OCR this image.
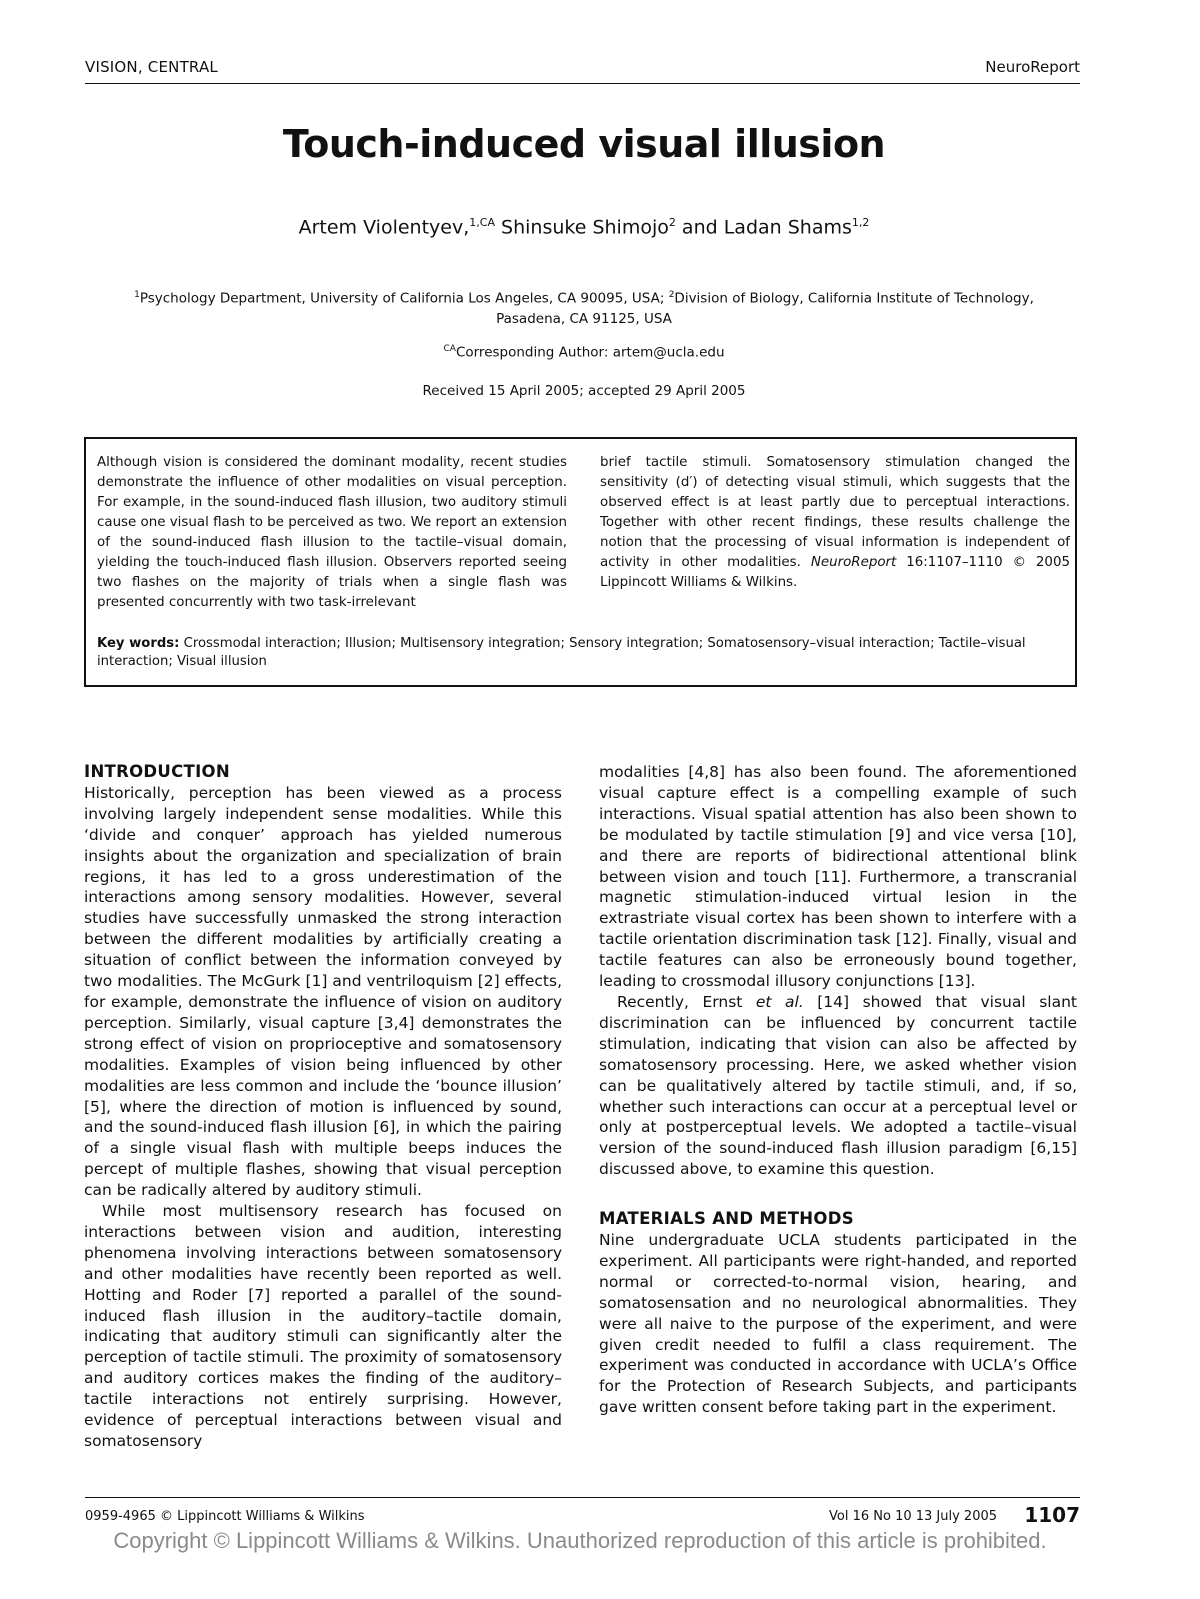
VISION, CENTRAL	NeuroReport
Touch-induced visual illusion
Artem Violentyev,$^{1,CA}$ Shinsuke Shimojo$^2$ and Ladan Shams$^{1,2}$
$^1$Psychology Department, University of California Los Angeles, CA 90095, USA; $^2$Division of Biology, California Institute of Technology, Pasadena, CA 91125, USA
$^{CA}$Corresponding Author: artem@ucla.edu
Received 15 April 2005; accepted 29 April 2005
Although vision is considered the dominant modality, recent studies demonstrate the influence of other modalities on visual perception. For example, in the sound-induced flash illusion, two auditory stimuli cause one visual flash to be perceived as two. We report an extension of the sound-induced flash illusion to the tactile–visual domain, yielding the touch-induced flash illusion. Observers reported seeing two flashes on the majority of trials when a single flash was presented concurrently with two task-irrelevant
brief tactile stimuli. Somatosensory stimulation changed the sensitivity (d′) of detecting visual stimuli, which suggests that the observed effect is at least partly due to perceptual interactions. Together with other recent findings, these results challenge the notion that the processing of visual information is independent of activity in other modalities. NeuroReport 16:1107–1110 © 2005 Lippincott Williams & Wilkins.
Key words: Crossmodal interaction; Illusion; Multisensory integration; Sensory integration; Somatosensory–visual interaction; Tactile–visual interaction; Visual illusion
INTRODUCTION

Historically, perception has been viewed as a process involving largely independent sense modalities. While this ‘divide and conquer’ approach has yielded numerous insights about the organization and specialization of brain regions, it has led to a gross underestimation of the interactions among sensory modalities. However, several studies have successfully unmasked the strong interaction between the different modalities by artificially creating a situation of conflict between the information conveyed by two modalities. The McGurk [1] and ventriloquism [2] effects, for example, demonstrate the influence of vision on auditory perception. Similarly, visual capture [3,4] demonstrates the strong effect of vision on proprioceptive and somatosensory modalities. Examples of vision being influenced by other modalities are less common and include the ‘bounce illusion’ [5], where the direction of motion is influenced by sound, and the sound-induced flash illusion [6], in which the pairing of a single visual flash with multiple beeps induces the percept of multiple flashes, showing that visual perception can be radically altered by auditory stimuli.

While most multisensory research has focused on interactions between vision and audition, interesting phenomena involving interactions between somatosensory and other modalities have recently been reported as well. Hotting and Roder [7] reported a parallel of the sound-induced flash illusion in the auditory–tactile domain, indicating that auditory stimuli can significantly alter the perception of tactile stimuli. The proximity of somatosensory and auditory cortices makes the finding of the auditory–tactile interactions not entirely surprising. However, evidence of perceptual interactions between visual and somatosensory

modalities [4,8] has also been found. The aforementioned visual capture effect is a compelling example of such interactions. Visual spatial attention has also been shown to be modulated by tactile stimulation [9] and vice versa [10], and there are reports of bidirectional attentional blink between vision and touch [11]. Furthermore, a transcranial magnetic stimulation-induced virtual lesion in the extrastriate visual cortex has been shown to interfere with a tactile orientation discrimination task [12]. Finally, visual and tactile features can also be erroneously bound together, leading to crossmodal illusory conjunctions [13].

Recently, Ernst et al. [14] showed that visual slant discrimination can be influenced by concurrent tactile stimulation, indicating that vision can also be affected by somatosensory processing. Here, we asked whether vision can be qualitatively altered by tactile stimuli, and, if so, whether such interactions can occur at a perceptual level or only at postperceptual levels. We adopted a tactile–visual version of the sound-induced flash illusion paradigm [6,15] discussed above, to examine this question.

MATERIALS AND METHODS

Nine undergraduate UCLA students participated in the experiment. All participants were right-handed, and reported normal or corrected-to-normal vision, hearing, and somatosensation and no neurological abnormalities. They were all naive to the purpose of the experiment, and were given credit needed to fulfil a class requirement. The experiment was conducted in accordance with UCLA’s Office for the Protection of Research Subjects, and participants gave written consent before taking part in the experiment.

0959-4965 © Lippincott Williams & Wilkins	Vol 16 No 10 13 July 2005 1107
Copyright © Lippincott Williams & Wilkins. Unauthorized reproduction of this article is prohibited.
